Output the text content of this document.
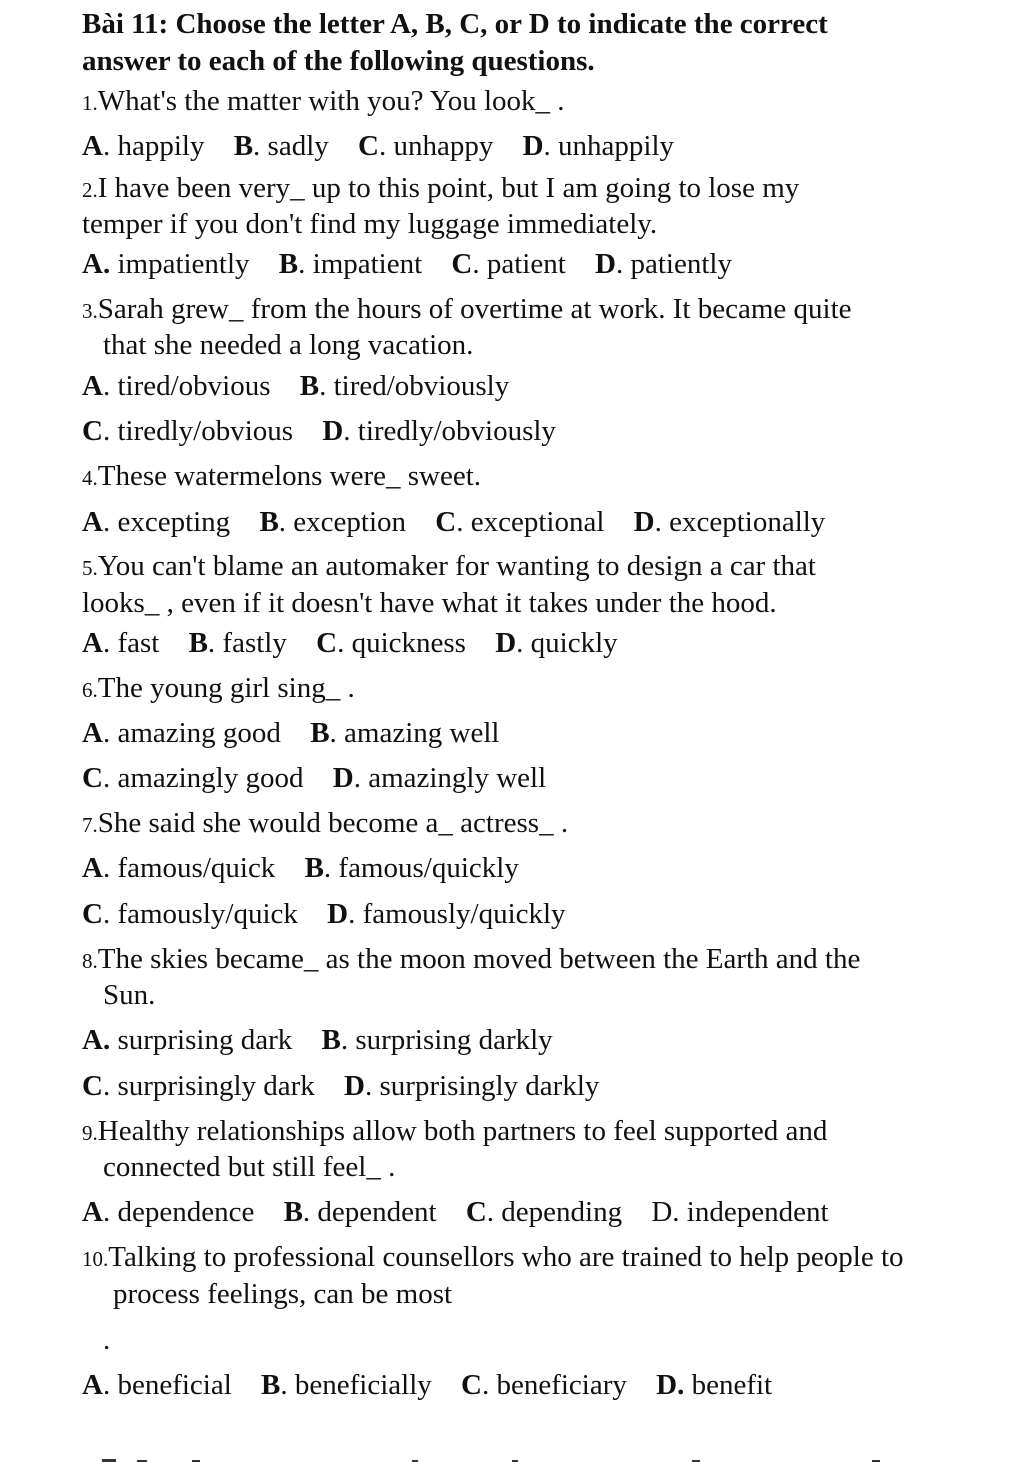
Bài 11: Choose the letter A, B, C, or D to indicate the correct
answer to each of the following questions.
1.What's the matter with you? You look_ .
A. happily B. sadly C. unhappy D. unhappily
2.I have been very_ up to this point, but I am going to lose my
temper if you don't find my luggage immediately.
A. impatiently B. impatient C. patient D. patiently
3.Sarah grew_ from the hours of overtime at work. It became quite
that she needed a long vacation.
A. tired/obvious B. tired/obviously
C. tiredly/obvious D. tiredly/obviously
4.These watermelons were_ sweet.
A. excepting B. exception C. exceptional D. exceptionally
5.You can't blame an automaker for wanting to design a car that
looks_ , even if it doesn't have what it takes under the hood.
A. fast B. fastly C. quickness D. quickly
6.The young girl sing_ .
A. amazing good B. amazing well
C. amazingly good D. amazingly well
7.She said she would become a_ actress_ .
A. famous/quick B. famous/quickly
C. famously/quick D. famously/quickly
8.The skies became_ as the moon moved between the Earth and the
Sun.
A. surprising dark B. surprising darkly
C. surprisingly dark D. surprisingly darkly
9.Healthy relationships allow both partners to feel supported and
connected but still feel_ .
A. dependence B. dependent C. depending D. independent
10.Talking to professional counsellors who are trained to help people to
process feelings, can be most
.
A. beneficial B. beneficially C. beneficiary D. benefit
